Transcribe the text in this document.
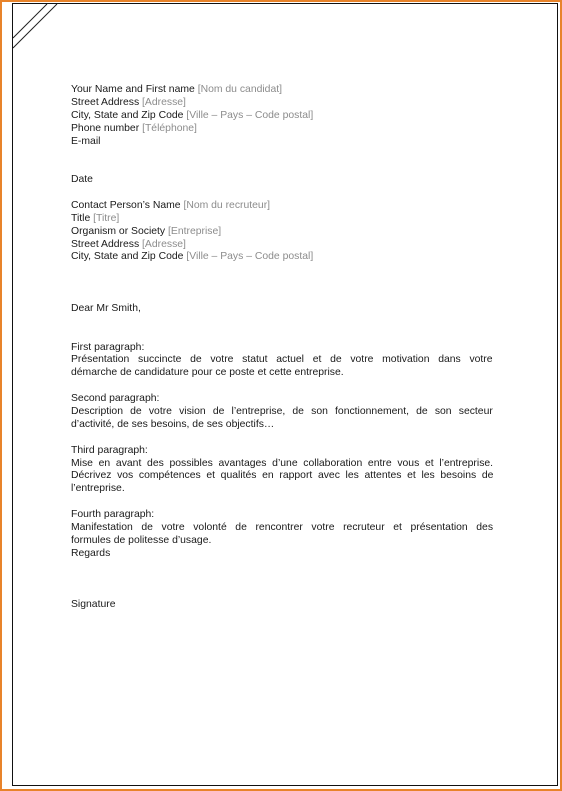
Your Name and First name [Nom du candidat]
Street Address [Adresse]
City, State and Zip Code [Ville – Pays – Code postal]
Phone number [Téléphone]
E-mail
Date
Contact Person’s Name [Nom du recruteur]
Title [Titre]
Organism or Society [Entreprise]
Street Address [Adresse]
City, State and Zip Code [Ville – Pays – Code postal]
Dear Mr Smith,
First paragraph:
Présentation succincte de votre statut actuel et de votre motivation dans votre
démarche de candidature pour ce poste et cette entreprise.
Second paragraph:
Description de votre vision de l’entreprise, de son fonctionnement, de son secteur
d’activité, de ses besoins, de ses objectifs…
Third paragraph:
Mise en avant des possibles avantages d’une collaboration entre vous et l’entreprise.
Décrivez vos compétences et qualités en rapport avec les attentes et les besoins de
l’entreprise.
Fourth paragraph:
Manifestation de votre volonté de rencontrer votre recruteur et présentation des
formules de politesse d’usage.
Regards
Signature
